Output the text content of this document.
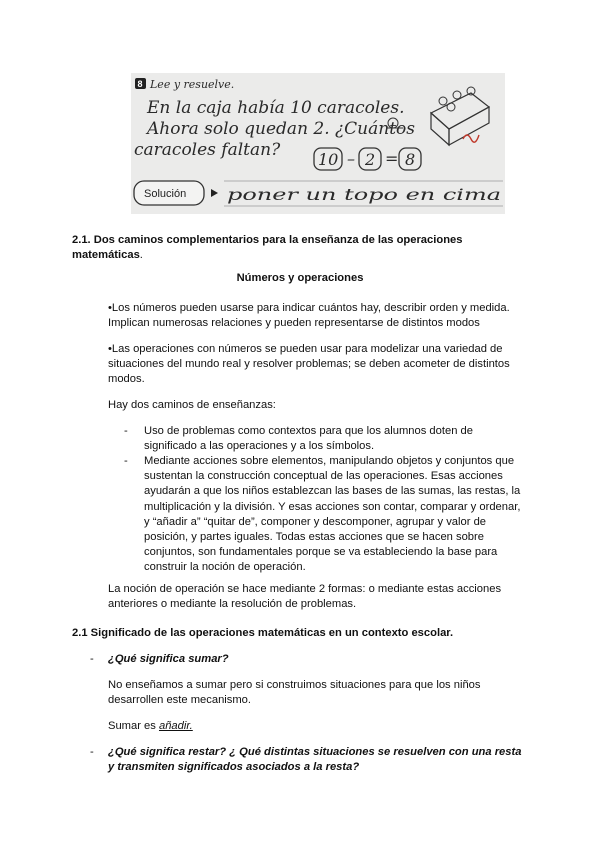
8 Lee y resuelve.
En la caja había 10 caracoles.
Ahora solo quedan 2. ¿Cuántos
caracoles faltan? 10 – 2 = 8
Solución	poner un topo en cima
2.1. Dos caminos complementarios para la enseñanza de las operaciones matemáticas.
Números y operaciones
•Los números pueden usarse para indicar cuántos hay, describir orden y medida. Implican numerosas relaciones y pueden representarse de distintos modos
•Las operaciones con números se pueden usar para modelizar una variedad de situaciones del mundo real y resolver problemas; se deben acometer de distintos modos.
Hay dos caminos de enseñanzas:
- Uso de problemas como contextos para que los alumnos doten de significado a las operaciones y a los símbolos.
- Mediante acciones sobre elementos, manipulando objetos y conjuntos que sustentan la construcción conceptual de las operaciones. Esas acciones ayudarán a que los niños establezcan las bases de las sumas, las restas, la multiplicación y la división. Y esas acciones son contar, comparar y ordenar, y “añadir a” “quitar de”, componer y descomponer, agrupar y valor de posición, y partes iguales. Todas estas acciones que se hacen sobre conjuntos, son fundamentales porque se va estableciendo la base para construir la noción de operación.
La noción de operación se hace mediante 2 formas: o mediante estas acciones anteriores o mediante la resolución de problemas.
2.1 Significado de las operaciones matemáticas en un contexto escolar.
- ¿Qué significa sumar?
No enseñamos a sumar pero si construimos situaciones para que los niños desarrollen este mecanismo.
Sumar es añadir.
- ¿Qué significa restar? ¿ Qué distintas situaciones se resuelven con una resta
y transmiten significados asociados a la resta?
